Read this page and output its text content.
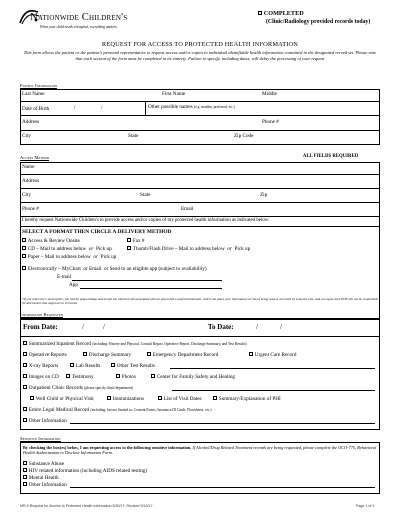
Nationwide Children's
When your child needs a hospital, everything matters.
COMPLETED
(Clinic/Radiology provided records today)
REQUEST FOR ACCESS TO PROTECTED HEALTH INFORMATION
This form allows the patient or the patient's personal representative to request access and/or copies to individual identifiable health information contained in the designated record set. Please note that each section of the form must be completed in its entirety. Failure to specify, including dates, will delay the processing of your request
Patient Information
Last Name	First Name	Middle
Date of Birth	/	/	Other possible names (e.g. maiden, preferred, etc.)
Address	Phone #
City	State	Zip Code
Access Method	ALL FIELDS REQUIRED
Name
Address
City	State	Zip
Phone #	Email
I hereby request Nationwide Children's to provide access and/or copies of my protected health information as indicated below:
SELECT A FORMAT THEN CIRCLE A DELIVERY METHOD
Access & Review Onsite	Fax #
CD – Mail to address below or Pick up	Thumb/Flash Drive – Mail to address below or Pick up
Paper – Mail to address below or Pick up
Electronically – MyChart or Email or Send to an eligible app (subject to availability)
E-mail
App
*If you select the e-mail option, you hereby acknowledge and accept the inherent risk associated with an unsecured e-mail transmission, which can place your information at risk of being read or accessed by someone else, and you agree that NCH will not be responsible for disclosures that might occur in transit.
Information Requested
From Date:	/	/	To Date:	/	/
Summarized Inpatient Record (including: History and Physical, Consult Report, Operative Report, Discharge Summary, and Test Results)
Operative Reports	Discharge Summary	Emergency Department Record	Urgent Care Record
X-ray Reports	Lab Results	Other Test Results
Images on CD	Testimony	Photos	Center for Family Safety and Healing
Outpatient Clinic Records (please specify clinic/department)
Well Child or Physical Visit	Immunizations	List of Visit Dates	Summary/Explanation of PHI
Entire Legal Medical Record (including, but not limited to: Consent Forms, Insurance ID Cards, Flowsheets, etc.)
Other Information
Sensitive Information
By checking the box(es) below, I am requesting access to the following sensitive information. If Alcohol/Drug Related Treatment records are being requested, please complete the OCO-775, Behavioral Health Authorization to Disclose Information Form.
Substance Abuse
HIV related information (including AIDS related testing)
Mental Health
Other Information
MR-9 Request for Access to Protected Health Information 5/30/17; Revised 9/19/17	Page 1 of 2
